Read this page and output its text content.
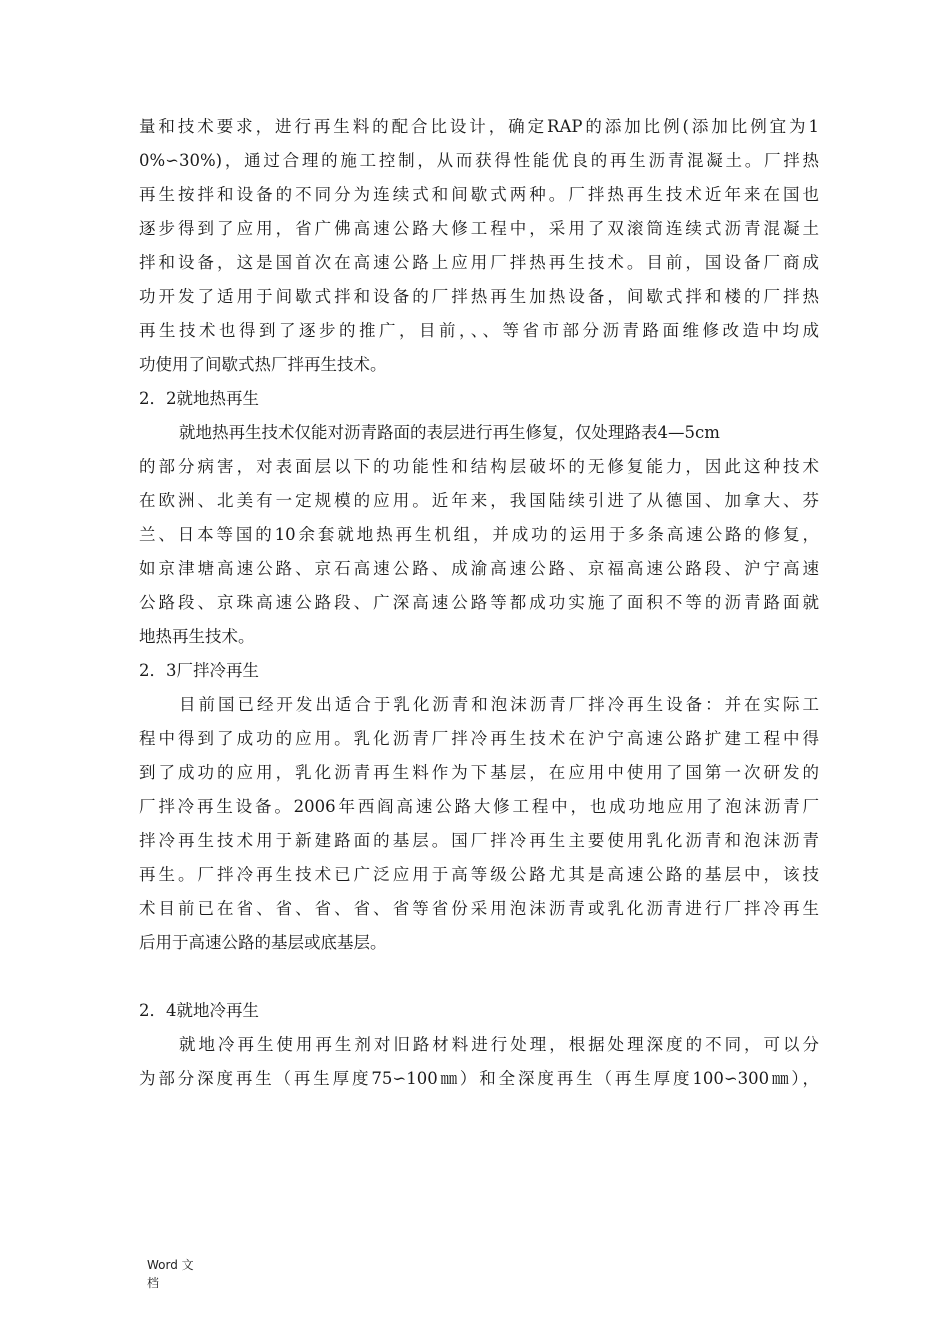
量和技术要求，进行再生料的配合比设计，确定RAP的添加比例(添加比例宜为1
0%∽30%)，通过合理的施工控制，从而获得性能优良的再生沥青混凝土。厂拌热
再生按拌和设备的不同分为连续式和间歇式两种。厂拌热再生技术近年来在国也
逐步得到了应用，省广佛高速公路大修工程中，采用了双滚筒连续式沥青混凝土
拌和设备，这是国首次在高速公路上应用厂拌热再生技术。目前，国设备厂商成
功开发了适用于间歇式拌和设备的厂拌热再生加热设备，间歇式拌和楼的厂拌热
再生技术也得到了逐步的推广，目前，、、等省市部分沥青路面维修改造中均成
功使用了间歇式热厂拌再生技术。
2．2就地热再生
就地热再生技术仅能对沥青路面的表层进行再生修复，仅处理路表4—5cm
的部分病害，对表面层以下的功能性和结构层破坏的无修复能力，因此这种技术
在欧洲、北美有一定规模的应用。近年来，我国陆续引进了从德国、加拿大、芬
兰、日本等国的10余套就地热再生机组，并成功的运用于多条高速公路的修复，
如京津塘高速公路、京石高速公路、成渝高速公路、京福高速公路段、沪宁高速
公路段、京珠高速公路段、广深高速公路等都成功实施了面积不等的沥青路面就
地热再生技术。
2．3厂拌冷再生
目前国已经开发出适合于乳化沥青和泡沫沥青厂拌冷再生设备：并在实际工
程中得到了成功的应用。乳化沥青厂拌冷再生技术在沪宁高速公路扩建工程中得
到了成功的应用，乳化沥青再生料作为下基层，在应用中使用了国第一次研发的
厂拌冷再生设备。2006年西阎高速公路大修工程中，也成功地应用了泡沫沥青厂
拌冷再生技术用于新建路面的基层。国厂拌冷再生主要使用乳化沥青和泡沫沥青
再生。厂拌冷再生技术已广泛应用于高等级公路尤其是高速公路的基层中，该技
术目前已在省、省、省、省、省等省份采用泡沫沥青或乳化沥青进行厂拌冷再生
后用于高速公路的基层或底基层。
2．4就地冷再生
就地冷再生使用再生剂对旧路材料进行处理，根据处理深度的不同，可以分
为部分深度再生（再生厚度75∽100㎜）和全深度再生（再生厚度100∽300㎜），
Word 文
档
